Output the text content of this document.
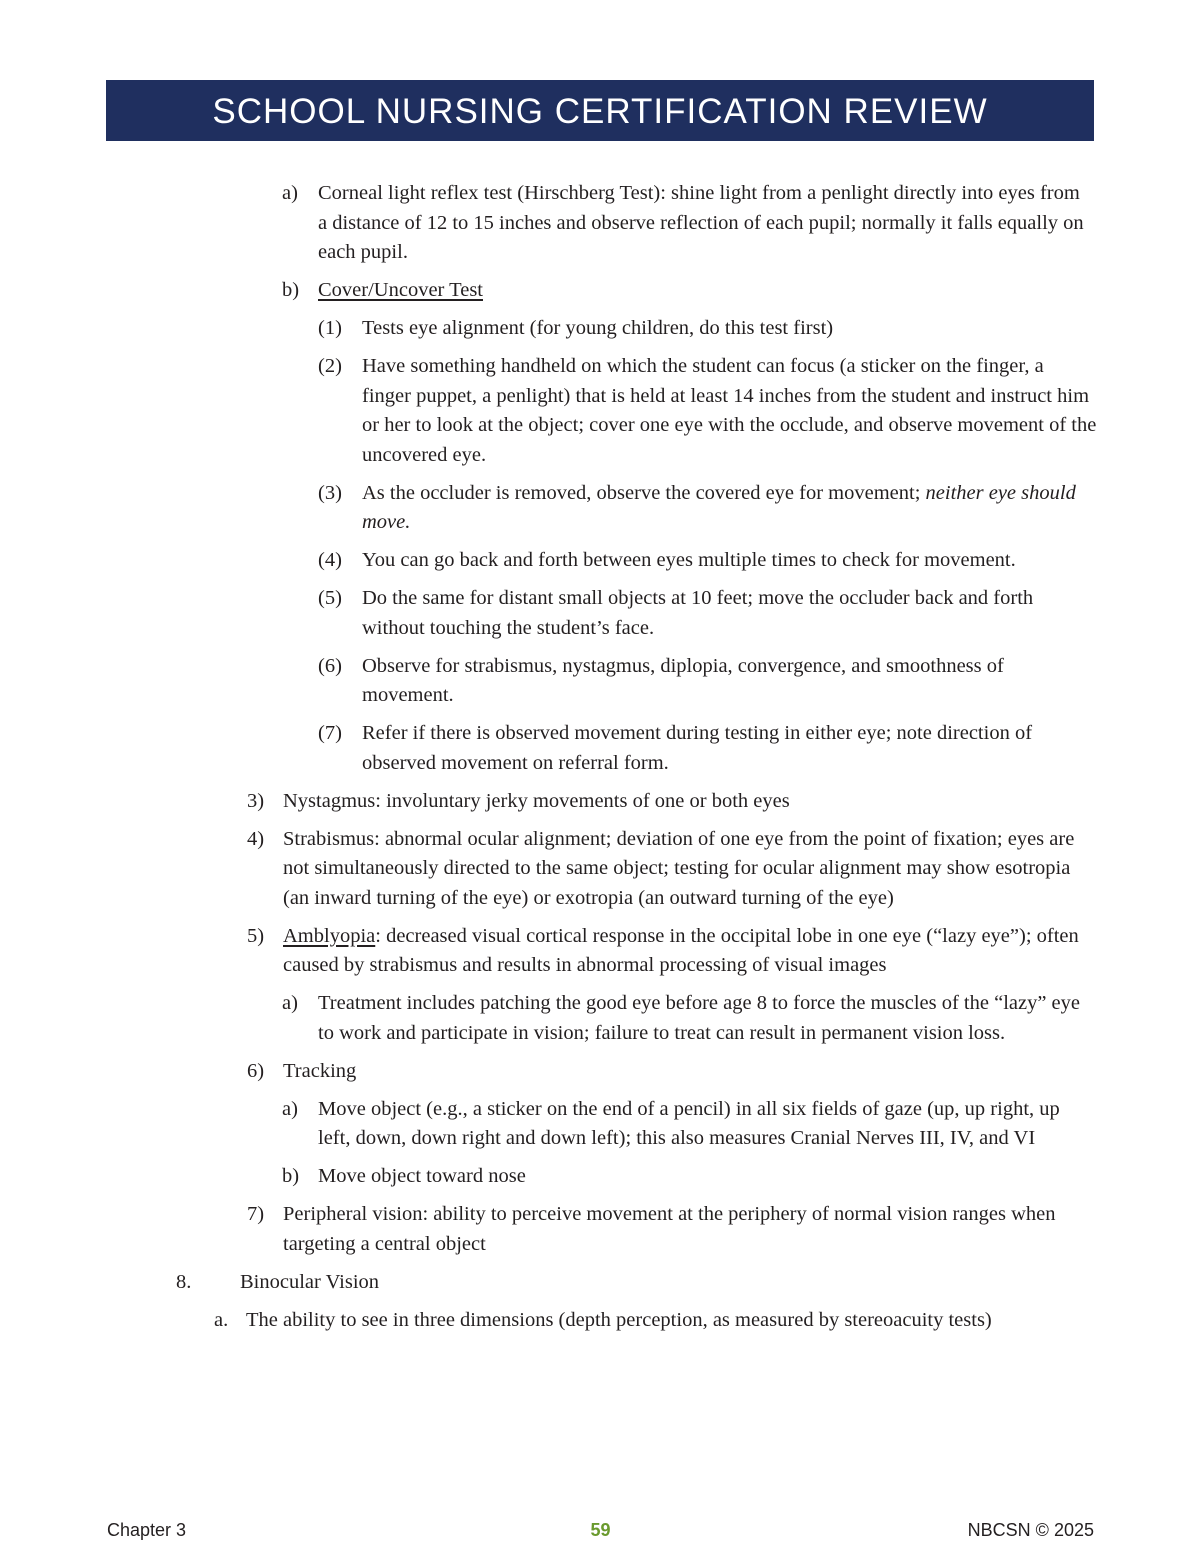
SCHOOL NURSING CERTIFICATION REVIEW
a) Corneal light reflex test (Hirschberg Test): shine light from a penlight directly into eyes from a distance of 12 to 15 inches and observe reflection of each pupil; normally it falls equally on each pupil.
b) Cover/Uncover Test
(1) Tests eye alignment (for young children, do this test first)
(2) Have something handheld on which the student can focus (a sticker on the finger, a finger puppet, a penlight) that is held at least 14 inches from the student and instruct him or her to look at the object; cover one eye with the occlude, and observe movement of the uncovered eye.
(3) As the occluder is removed, observe the covered eye for movement; neither eye should move.
(4) You can go back and forth between eyes multiple times to check for movement.
(5) Do the same for distant small objects at 10 feet; move the occluder back and forth without touching the student’s face.
(6) Observe for strabismus, nystagmus, diplopia, convergence, and smoothness of movement.
(7) Refer if there is observed movement during testing in either eye; note direction of observed movement on referral form.
3) Nystagmus: involuntary jerky movements of one or both eyes
4) Strabismus: abnormal ocular alignment; deviation of one eye from the point of fixation; eyes are not simultaneously directed to the same object; testing for ocular alignment may show esotropia (an inward turning of the eye) or exotropia (an outward turning of the eye)
5) Amblyopia: decreased visual cortical response in the occipital lobe in one eye (“lazy eye”); often caused by strabismus and results in abnormal processing of visual images
a) Treatment includes patching the good eye before age 8 to force the muscles of the “lazy” eye to work and participate in vision; failure to treat can result in permanent vision loss.
6) Tracking
a) Move object (e.g., a sticker on the end of a pencil) in all six fields of gaze (up, up right, up left, down, down right and down left); this also measures Cranial Nerves III, IV, and VI
b) Move object toward nose
7) Peripheral vision: ability to perceive movement at the periphery of normal vision ranges when targeting a central object
8. Binocular Vision
a. The ability to see in three dimensions (depth perception, as measured by stereoacuity tests)
Chapter 3	59	NBCSN © 2025
